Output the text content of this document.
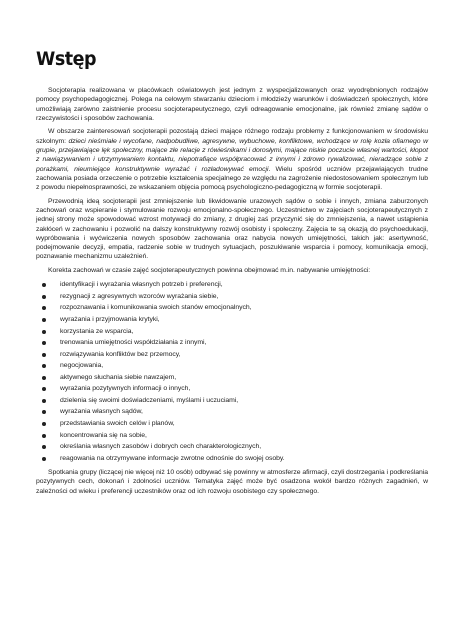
Wstęp

Socjoterapia realizowana w placówkach oświatowych jest jednym z wyspecjalizowanych oraz wyodrębnionych rodzajów pomocy psychopedagogicznej. Polega na celowym stwarzaniu dzieciom i młodzieży warunków i doświadczeń społecznych, które umożliwiają zarówno zaistnienie procesu socjoterapeutycznego, czyli odreagowanie emocjonalne, jak również zmianę sądów o rzeczywistości i sposobów zachowania.

W obszarze zainteresowań socjoterapii pozostają dzieci mające różnego rodzaju problemy z funkcjonowaniem w środowisku szkolnym: dzieci nieśmiałe i wycofane, nadpobudliwe, agresywne, wybuchowe, konfliktowe, wchodzące w rolę kozła ofiarnego w grupie, przejawiające lęk społeczny, mające złe relacje z rówieśnikami i dorosłymi, mające niskie poczucie własnej wartości, kłopot z nawiązywaniem i utrzymywaniem kontaktu, niepotrafiące współpracować z innymi i zdrowo rywalizować, nieradzące sobie z porażkami, nieumiejące konstruktywnie wyrażać i rozładowywać emocji. Wielu spośród uczniów przejawiających trudne zachowania posiada orzeczenie o potrzebie kształcenia specjalnego ze względu na zagrożenie niedostosowaniem społecznym lub z powodu niepełnosprawności, ze wskazaniem objęcia pomocą psychologiczno-pedagogiczną w formie socjoterapii.

Przewodnią ideą socjoterapii jest zmniejszenie lub likwidowanie urazowych sądów o sobie i innych, zmiana zaburzonych zachowań oraz wspieranie i stymulowanie rozwoju emocjonalno-społecznego. Uczestnictwo w zajęciach socjoterapeutycznych z jednej strony może spowodować wzrost motywacji do zmiany, z drugiej zaś przyczynić się do zmniejszenia, a nawet ustąpienia zakłóceń w zachowaniu i pozwolić na dalszy konstruktywny rozwój osobisty i społeczny. Zajęcia te są okazją do psychoedukacji, wypróbowania i wyćwiczenia nowych sposobów zachowania oraz nabycia nowych umiejętności, takich jak: asertywność, podejmowanie decyzji, empatia, radzenie sobie w trudnych sytuacjach, poszukiwanie wsparcia i pomocy, komunikacja emocji, poznawanie mechanizmu uzależnień.

Korekta zachowań w czasie zajęć socjoterapeutycznych powinna obejmować m.in. nabywanie umiejętności:

identyfikacji i wyrażania własnych potrzeb i preferencji,
rezygnacji z agresywnych wzorców wyrażania siebie,
rozpoznawania i komunikowania swoich stanów emocjonalnych,
wyrażania i przyjmowania krytyki,
korzystania ze wsparcia,
trenowania umiejętności współdziałania z innymi,
rozwiązywania konfliktów bez przemocy,
negocjowania,
aktywnego słuchania siebie nawzajem,
wyrażania pozytywnych informacji o innych,
dzielenia się swoimi doświadczeniami, myślami i uczuciami,
wyrażania własnych sądów,
przedstawiania swoich celów i planów,
koncentrowania się na sobie,
określania własnych zasobów i dobrych cech charakterologicznych,
reagowania na otrzymywane informacje zwrotne odnośnie do swojej osoby.

Spotkania grupy (liczącej nie więcej niż 10 osób) odbywać się powinny w atmosferze afirmacji, czyli dostrzegania i podkreślania pozytywnych cech, dokonań i zdolności uczniów. Tematyka zajęć może być osadzona wokół bardzo różnych zagadnień, w zależności od wieku i preferencji uczestników oraz od ich rozwoju osobistego czy społecznego.
